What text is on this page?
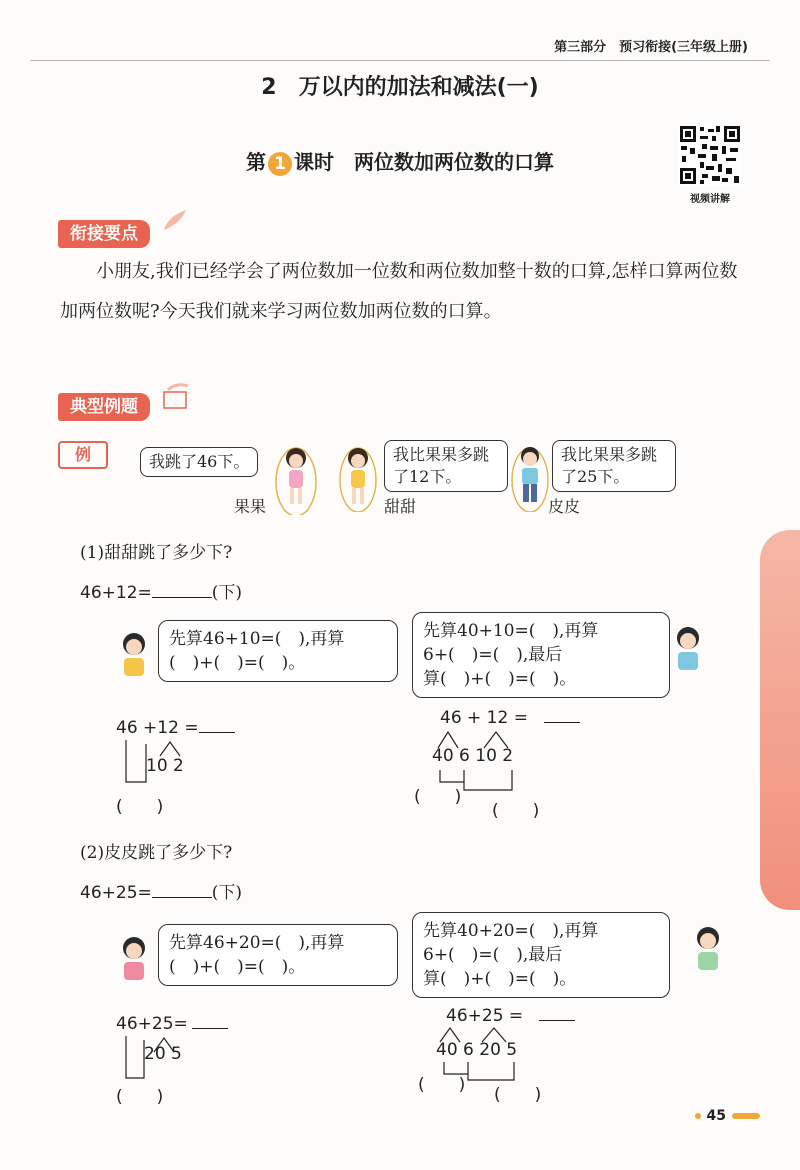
第三部分　预习衔接(三年级上册)
2　万以内的加法和减法(一)
第 1 课时　两位数加两位数的口算
视频讲解
衔接要点
小朋友,我们已经学会了两位数加一位数和两位数加整十数的口算,怎样口算两位数加两位数呢?今天我们就来学习两位数加两位数的口算。
典型例题
例	我跳了46下。	我比果果多跳了12下。
我比果果多跳了25下。
果果	甜甜	皮皮
(1)甜甜跳了多少下?
46+12=	(下)
先算46+10=(　),再算
(　)+(　)=(　)。
先算40+10=(　),再算
6+(　)=(　),最后
算(　)+(　)=(　)。
46 +12 =
10 2
(　　)
46 + 12 =
40 6 10 2
(　　)
(　　)
(2)皮皮跳了多少下?
46+25=	(下)
先算46+20=(　),再算
(　)+(　)=(　)。
先算40+20=(　),再算
6+(　)=(　),最后
算(　)+(　)=(　)。
46+25=
20 5
(　　)
46+25 =
40 6 20 5
(　　) (　　)
45
